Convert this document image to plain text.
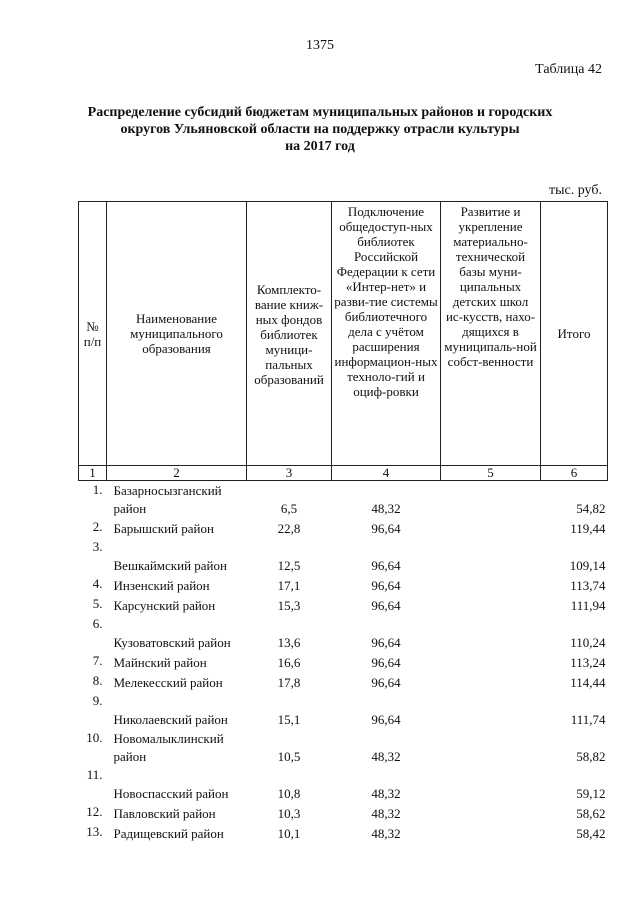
1375
Таблица 42
Распределение субсидий бюджетам муниципальных районов и городских
округов Ульяновской области на поддержку отрасли культуры
на 2017 год
тыс. руб.
№ п/п	Наименование муниципального образования	Комплекто-вание книж-ных фондов библиотек муници-пальных образований	Подключение общедоступ-ных библиотек Российской Федерации к сети «Интер-нет» и разви-тие системы библиотечного дела с учётом расширения информацион-ных техноло-гий и оциф-ровки	Развитие и укрепление материально-технической базы муни-ципальных детских школ ис-кусств, нахо-дящихся в муниципаль-ной собст-венности	Итого
1	2	3	4	5	6
1.	Базарносызганский район	6,5	48,32		54,82
2.	Барышский район	22,8	96,64		119,44
3.	Вешкаймский район	12,5	96,64		109,14
4.	Инзенский район	17,1	96,64		113,74
5.	Карсунский район	15,3	96,64		111,94
6.	Кузоватовский район	13,6	96,64		110,24
7.	Майнский район	16,6	96,64		113,24
8.	Мелекесский район	17,8	96,64		114,44
9.	Николаевский район	15,1	96,64		111,74
10.	Новомалыклинский район	10,5	48,32		58,82
11.	Новоспасский район	10,8	48,32		59,12
12.	Павловский район	10,3	48,32		58,62
13.	Радищевский район	10,1	48,32		58,42
